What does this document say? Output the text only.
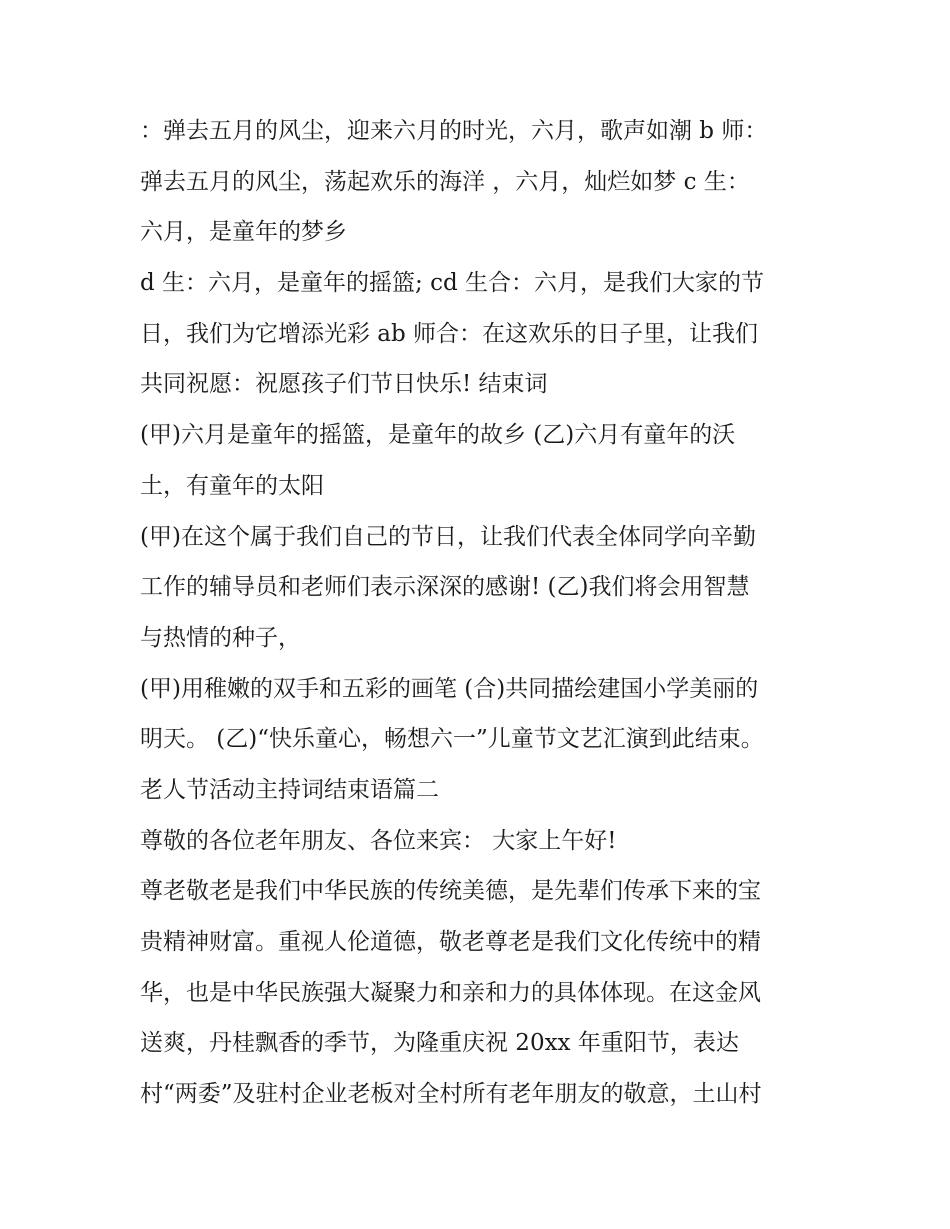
：弹去五月的风尘，迎来六月的时光，六月，歌声如潮 b 师：
弹去五月的风尘，荡起欢乐的海洋 ，六月，灿烂如梦 c 生：
六月，是童年的梦乡
d 生：六月，是童年的摇篮; cd 生合：六月，是我们大家的节
日，我们为它增添光彩 ab 师合：在这欢乐的日子里，让我们
共同祝愿：祝愿孩子们节日快乐! 结束词
(甲)六月是童年的摇篮，是童年的故乡 (乙)六月有童年的沃
土，有童年的太阳
(甲)在这个属于我们自己的节日，让我们代表全体同学向辛勤
工作的辅导员和老师们表示深深的感谢! (乙)我们将会用智慧
与热情的种子，
(甲)用稚嫩的双手和五彩的画笔 (合)共同描绘建国小学美丽的
明天。 (乙)“快乐童心，畅想六一”儿童节文艺汇演到此结束。
老人节活动主持词结束语篇二
尊敬的各位老年朋友、各位来宾： 大家上午好!
尊老敬老是我们中华民族的传统美德，是先辈们传承下来的宝
贵精神财富。重视人伦道德，敬老尊老是我们文化传统中的精
华，也是中华民族强大凝聚力和亲和力的具体体现。在这金风
送爽，丹桂飘香的季节，为隆重庆祝 20xx 年重阳节，表达
村“两委”及驻村企业老板对全村所有老年朋友的敬意，土山村
